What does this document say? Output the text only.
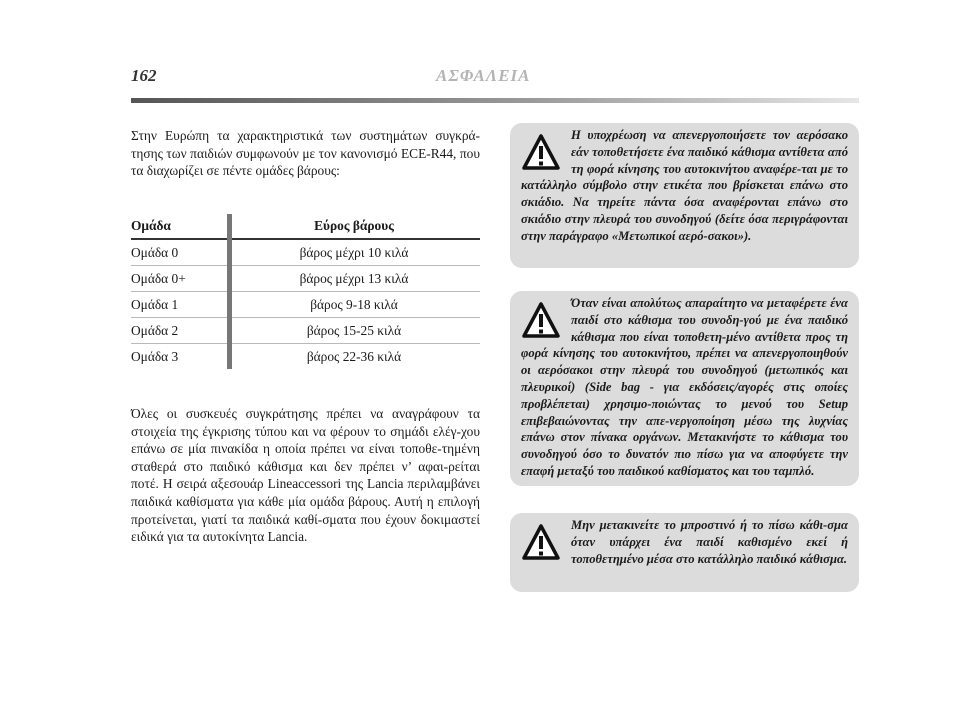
162	ΑΣΦΑΛΕΙΑ

Στην Ευρώπη τα χαρακτηριστικά των συστημάτων συγκρά-τησης των παιδιών συμφωνούν με τον κανονισμό ECE-R44, που τα διαχωρίζει σε πέντε ομάδες βάρους:

Ομάδα		Εύρος βάρους
Ομάδα 0		βάρος μέχρι 10 κιλά
Ομάδα 0+		βάρος μέχρι 13 κιλά
Ομάδα 1		βάρος 9-18 κιλά
Ομάδα 2		βάρος 15-25 κιλά
Ομάδα 3		βάρος 22-36 κιλά

Όλες οι συσκευές συγκράτησης πρέπει να αναγράφουν τα στοιχεία της έγκρισης τύπου και να φέρουν το σημάδι ελέγ-χου επάνω σε μία πινακίδα η οποία πρέπει να είναι τοποθε-τημένη σταθερά στο παιδικό κάθισμα και δεν πρέπει ν’ αφαι-ρείται ποτέ. Η σειρά αξεσουάρ Lineaccessori της Lancia περιλαμβάνει παιδικά καθίσματα για κάθε μία ομάδα βάρους. Αυτή η επιλογή προτείνεται, γιατί τα παιδικά καθί-σματα που έχουν δοκιμαστεί ειδικά για τα αυτοκίνητα Lancia.

Η υποχρέωση να απενεργοποιήσετε τον αερόσακο εάν τοποθετήσετε ένα παιδικό κάθισμα αντίθετα από τη φορά κίνησης του αυτοκινήτου αναφέρε-ται με το κατάλληλο σύμβολο στην ετικέτα που βρίσκεται επάνω στο σκιάδιο. Να τηρείτε πάντα όσα αναφέρονται επάνω στο σκιάδιο στην πλευρά του συνοδηγού (δείτε όσα περιγράφονται στην παράγραφο «Μετωπικοί αερό-σακοι»).
Όταν είναι απολύτως απαραίτητο να μεταφέρετε ένα παιδί στο κάθισμα του συνοδη-γού με ένα παιδικό κάθισμα που είναι τοποθετη-μένο αντίθετα προς τη φορά κίνησης του αυτοκινήτου, πρέπει να απενεργοποιηθούν οι αερόσακοι στην πλευρά του συνοδηγού (μετωπικός και πλευρικοί) (Side bag - για εκδόσεις/αγορές στις οποίες προβλέπεται) χρησιμο-ποιώντας το μενού του Setup επιβεβαιώνοντας την απε-νεργοποίηση μέσω της λυχνίας επάνω στον πίνακα οργάνων. Μετακινήστε το κάθισμα του συνοδηγού όσο το δυνατόν πιο πίσω για να αποφύγετε την επαφή μεταξύ του παιδικού καθίσματος και του ταμπλό.
Μην μετακινείτε το μπροστινό ή το πίσω κάθι-σμα όταν υπάρχει ένα παιδί καθισμένο εκεί ή τοποθετημένο μέσα στο κατάλληλο παιδικό κάθισμα.
